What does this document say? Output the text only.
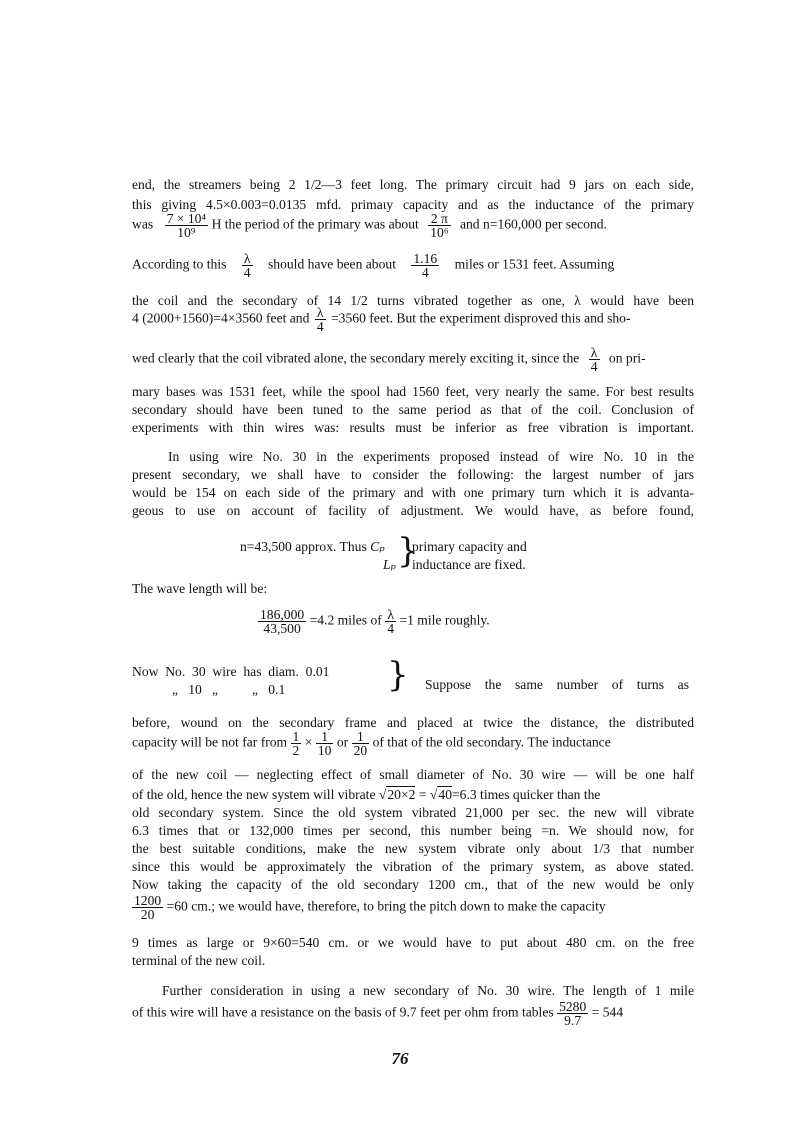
end, the streamers being 2 1/2—3 feet long. The primary circuit had 9 jars on each side,
this giving 4.5×0.003=0.0135 mfd. primaιy capacity and as the inductance of the primary
was $\frac{\text{7 × 10⁴}}{\text{10⁹}}$ H the period of the primary was about $\frac{2 \pi}{\text{10⁶}}$ and n=160,000 per second.
According to this $\frac{\lambda}{4}$ should have been about $\frac{1.16}{4}$ miles or 1531 feet. Assuming
the coil and the secondary of 14 1/2 turns vibrated together as one, λ would have been
4 (2000+1560)=4×3560 feet and $\frac{\lambda}{4} =3560$ feet. But the experiment disproved this and sho-
wed clearly that the coil vibrated alone, the secondary merely exciting it, since the $\frac{\lambda}{4}$ on pri-
mary bases was 1531 feet, while the spool had 1560 feet, very nearly the same. For best results
secondary should have been tuned to the same period as that of the coil. Conclusion of
experiments with thin wires was: results must be inferior as free vibration is important.
In using wire No. 30 in the experiments proposed instead of wire No. 10 in the
present secondary, we shall have to consider the following: the largest number of jars
would be 154 on each side of the primary and with one primary turn which it is advanta-
geous to use on account of facility of adjustment. We would have, as before found,
n=43,500 approx. Thus Cₚ
Lₚ }
primary capacity and
inductance are fixed.
The wave length will be:
$\frac{186,000}{43,500} =4.2$ miles of $\frac{\lambda}{4} =1$ mile roughly.
Now  No.  30  wire  has  diam.  0.01
„   10   „          „   0.1	} Suppose the same number of turns as
before, wound on the secondary frame and placed at twice the distance, the distributed
capacity will be not far from $\frac{1}{2} \times \frac{1}{10}$ or $\frac{1}{20}$ of that of the old secondary. The inductance
of the new coil — neglecting effect of small diameter of No. 30 wire — will be one half
of the old, hence the new system will vibrate √20×2 = √40=6.3 times quicker than the
old secondary system. Since the old system vibrated 21,000 per sec. the new will vibrate
6.3 times that or 132,000 times per second, this number being =n. We should now, for
the best suitable conditions, make the new system vibrate only about 1/3 that number
since this would be approximately the vibration of the primary system, as above stated.
Now taking the capacity of the old secondary 1200 cm., that of the new would be only
$\frac{1200}{20} =60$ cm.; we would have, therefore, to bring the pitch down to make the capacity
9 times as large or 9×60=540 cm. or we would have to put about 480 cm. on the free
terminal of the new coil.
Further consideration in using a new secondary of No. 30 wire. The length of 1 mile
of this wire will have a resistance on the basis of 9.7 feet per ohm from tables $\frac{5280}{9.7} = 544$
76
